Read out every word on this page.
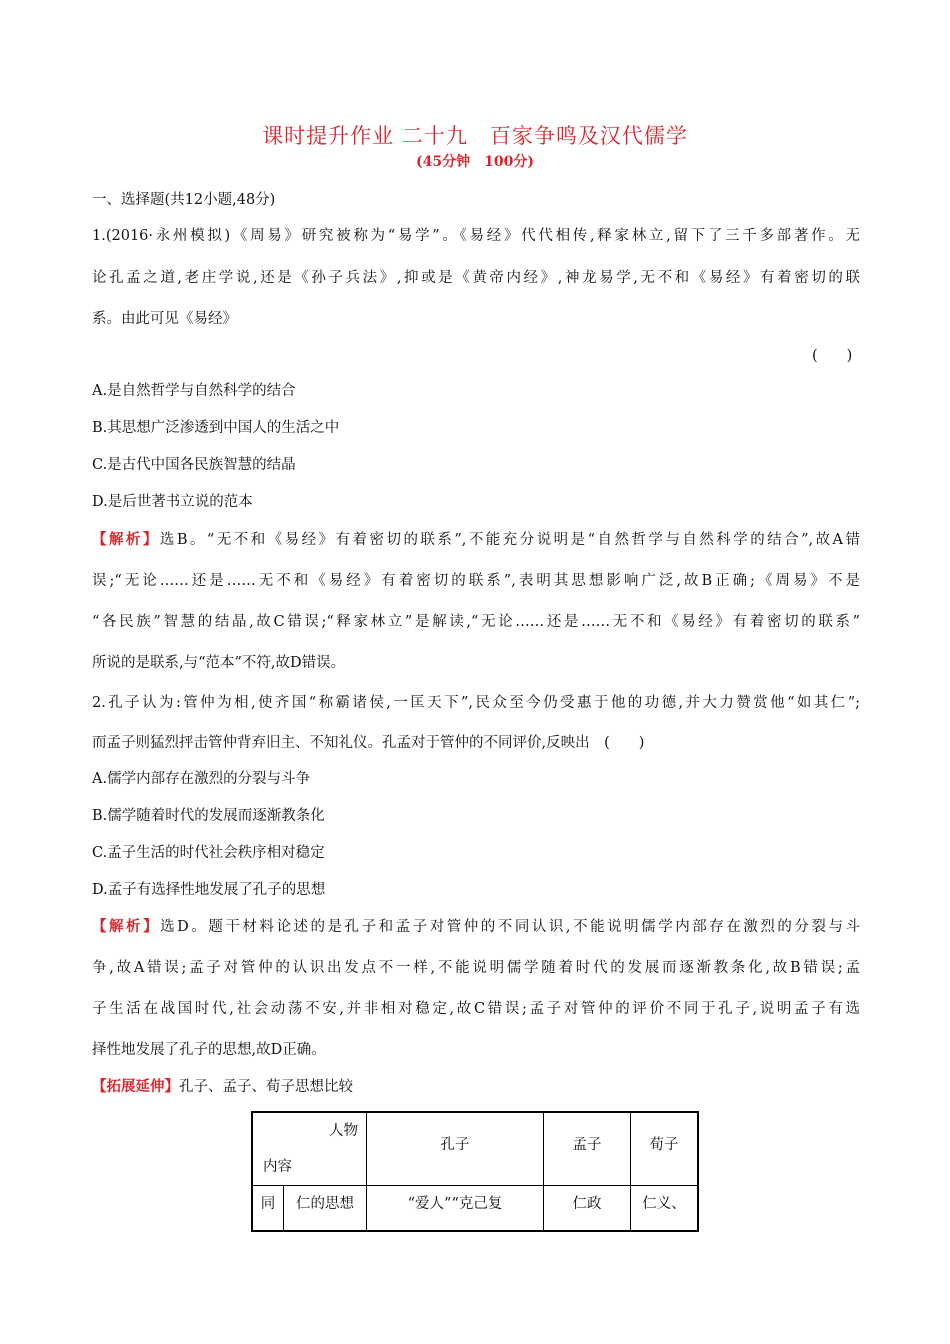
课时提升作业 二十九　百家争鸣及汉代儒学
(45分钟　100分)
一、选择题(共12小题,48分)
1.(2016·永州模拟)《周易》研究被称为“易学”。《易经》代代相传,释家林立,留下了三千多部著作。无
论孔孟之道,老庄学说,还是《孙子兵法》,抑或是《黄帝内经》,神龙易学,无不和《易经》有着密切的联
系。由此可见《易经》
(　　)
A.是自然哲学与自然科学的结合
B.其思想广泛渗透到中国人的生活之中
C.是古代中国各民族智慧的结晶
D.是后世著书立说的范本
【解析】选B。“无不和《易经》有着密切的联系”,不能充分说明是“自然哲学与自然科学的结合”,故A错
误;“无论……还是……无不和《易经》有着密切的联系”,表明其思想影响广泛,故B正确;《周易》不是
“各民族”智慧的结晶,故C错误;“释家林立”是解读,“无论……还是……无不和《易经》有着密切的联系”
所说的是联系,与“范本”不符,故D错误。
2.孔子认为:管仲为相,使齐国“称霸诸侯,一匡天下”,民众至今仍受惠于他的功德,并大力赞赏他“如其仁”;
而孟子则猛烈抨击管仲背弃旧主、不知礼仪。孔孟对于管仲的不同评价,反映出　(　　)
A.儒学内部存在激烈的分裂与斗争
B.儒学随着时代的发展而逐渐教条化
C.孟子生活的时代社会秩序相对稳定
D.孟子有选择性地发展了孔子的思想
【解析】选D。题干材料论述的是孔子和孟子对管仲的不同认识,不能说明儒学内部存在激烈的分裂与斗
争,故A错误;孟子对管仲的认识出发点不一样,不能说明儒学随着时代的发展而逐渐教条化,故B错误;孟
子生活在战国时代,社会动荡不安,并非相对稳定,故C错误;孟子对管仲的评价不同于孔子,说明孟子有选
择性地发展了孔子的思想,故D正确。
【拓展延伸】孔子、孟子、荀子思想比较
人物
内容		孔子	孟子	荀子
同	仁的思想	“爱人”“克己复	仁政	仁义、
